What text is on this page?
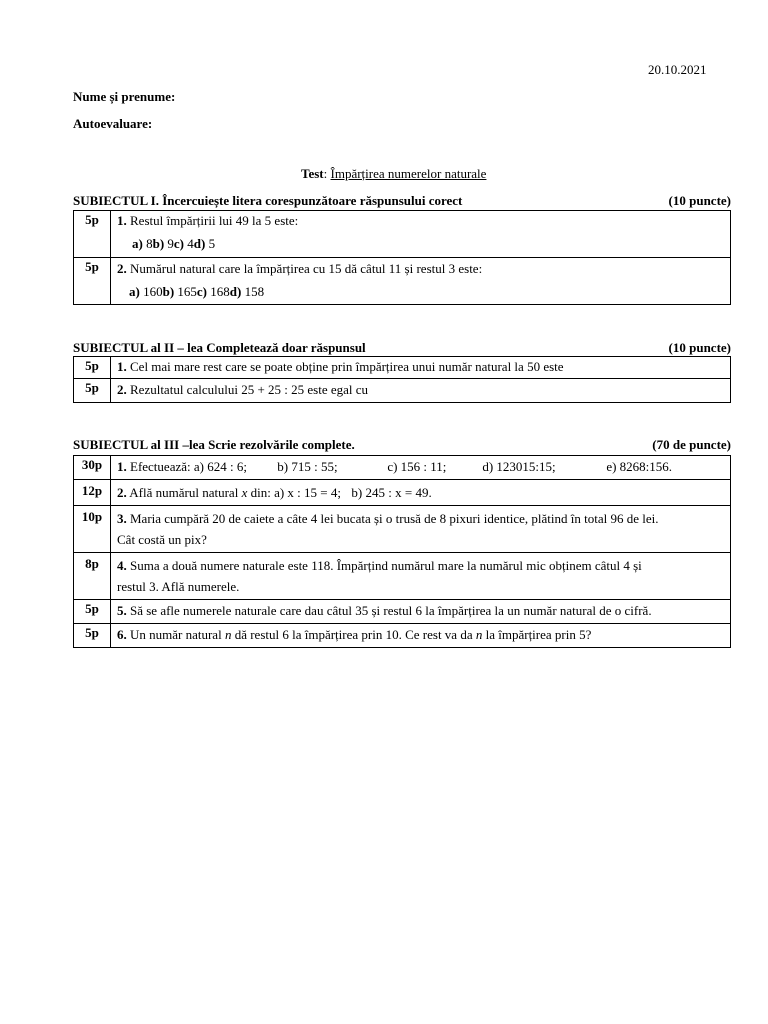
20.10.2021
Nume și prenume:
Autoevaluare:
Test: Împărțirea numerelor naturale
SUBIECTUL I. Încercuiește litera corespunzătoare răspunsului corect	(10 puncte)
5p	1. Restul împărțirii lui 49 la 5 este:
a) 8b) 9c) 4d) 5

5p	2. Numărul natural care la împărțirea cu 15 dă câtul 11 și restul 3 este:
a) 160b) 165c) 168d) 158
SUBIECTUL al II – lea Completează doar răspunsul	(10 puncte)
5p	1. Cel mai mare rest care se poate obține prin împărțirea unui număr natural la 50 este
5p	2. Rezultatul calculului 25 + 25 : 25 este egal cu
SUBIECTUL al III –lea Scrie rezolvările complete.	(70 de puncte)
30p	1. Efectuează: a) 624 : 6; b) 715 : 55; c) 156 : 11; d) 123015:15; e) 8268:156.
12p	2. Află numărul natural x din: a) x : 15 = 4; b) 245 : x = 49.
10p	3. Maria cumpără 20 de caiete a câte 4 lei bucata și o trusă de 8 pixuri identice, plătind în total 96 de lei.
Cât costă un pix?

8p	4. Suma a două numere naturale este 118. Împărțind numărul mare la numărul mic obținem câtul 4 și
restul 3. Află numerele.

5p	5. Să se afle numerele naturale care dau câtul 35 și restul 6 la împărțirea la un număr natural de o cifră.
5p	6. Un număr natural n dă restul 6 la împărțirea prin 10. Ce rest va da n la împărțirea prin 5?
